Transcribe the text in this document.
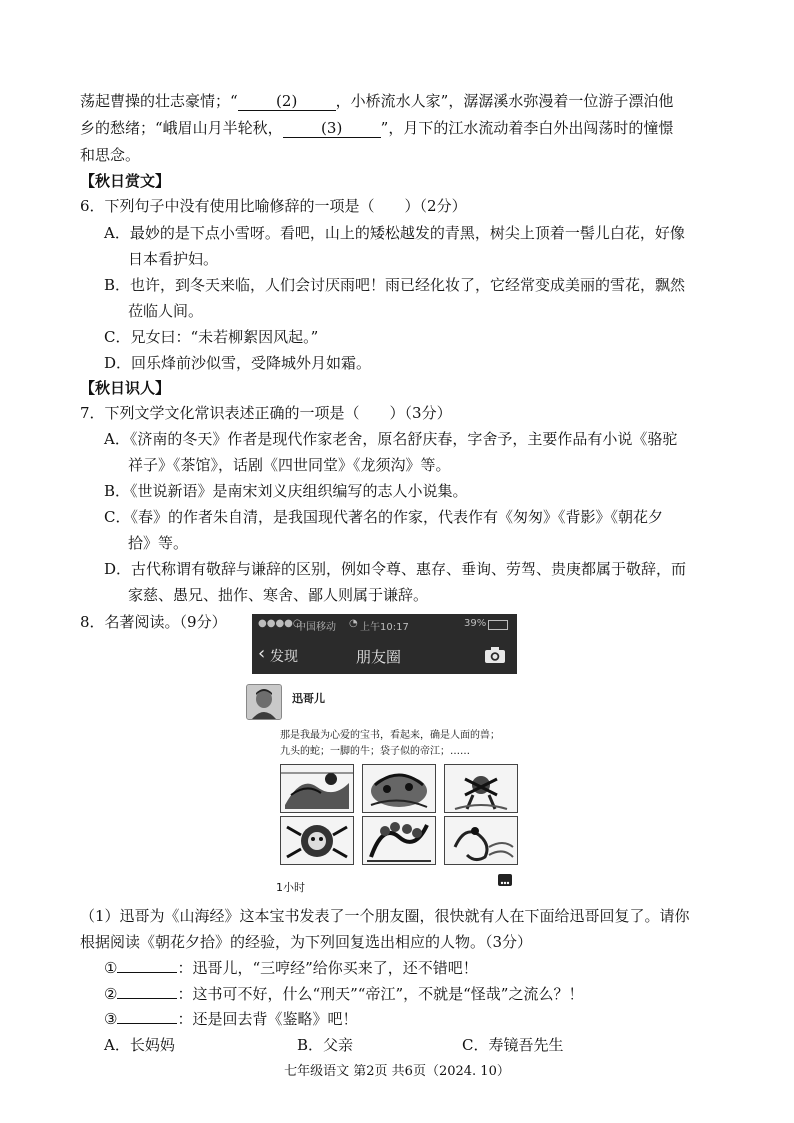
荡起曹操的壮志豪情；“	(2)	，小桥流水人家”，潺潺溪水弥漫着一位游子漂泊他
乡的愁绪；“峨眉山月半轮秋，	(3)	”，月下的江水流动着李白外出闯荡时的憧憬
和思念。
【秋日赏文】
6．下列句子中没有使用比喻修辞的一项是（　　）（2分）
A．最妙的是下点小雪呀。看吧，山上的矮松越发的青黑，树尖上顶着一髻儿白花，好像
日本看护妇。
B．也许，到冬天来临，人们会讨厌雨吧！雨已经化妆了，它经常变成美丽的雪花，飘然
莅临人间。
C．兄女曰：“未若柳絮因风起。”
D．回乐烽前沙似雪，受降城外月如霜。
【秋日识人】
7．下列文学文化常识表述正确的一项是（　　）（3分）
A．《济南的冬天》作者是现代作家老舍，原名舒庆春，字舍予，主要作品有小说《骆驼
祥子》《茶馆》，话剧《四世同堂》《龙须沟》等。
B．《世说新语》是南宋刘义庆组织编写的志人小说集。
C．《春》的作者朱自清，是我国现代著名的作家，代表作有《匆匆》《背影》《朝花夕
拾》等。
D．古代称谓有敬辞与谦辞的区别，例如令尊、惠存、垂询、劳驾、贵庚都属于敬辞，而
家慈、愚兄、拙作、寒舍、鄙人则属于谦辞。
8．名著阅读。（9分）	●●●●○
中国移动 ◔ 上午10:17	39%
‹ 发现	朋友圈
迅哥儿
那是我最为心爱的宝书，看起来，确是人面的兽；
九头的蛇；一脚的牛；袋子似的帝江；……
1小时
（1）迅哥为《山海经》这本宝书发表了一个朋友圈，很快就有人在下面给迅哥回复了。请你
根据阅读《朝花夕拾》的经验，为下列回复选出相应的人物。（3分）
①	：迅哥儿，“三哼经”给你买来了，还不错吧！
②	：这书可不好，什么“刑天”“帝江”，不就是“怪哉”之流么？！
③	：还是回去背《鉴略》吧！
A．长妈妈	B．父亲	C．寿镜吾先生
七年级语文 第2页 共6页（2024. 10）
